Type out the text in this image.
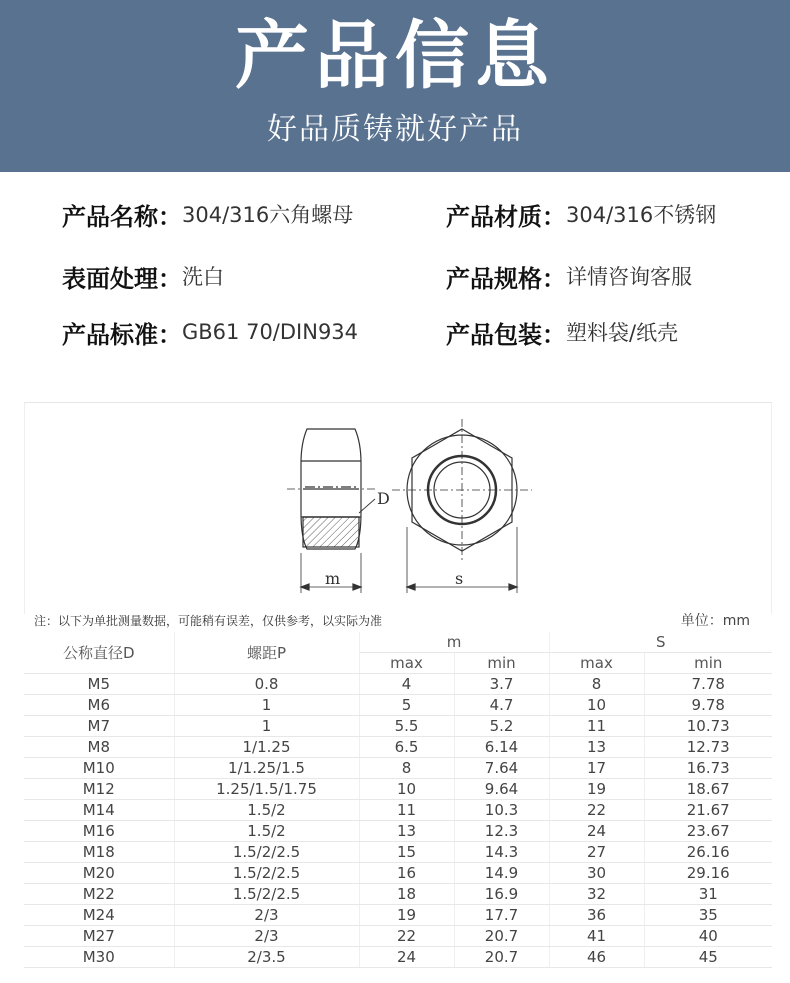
产品信息
好品质铸就好产品
产品名称： 304/316六角螺母	产品材质： 304/316不锈钢
表面处理： 洗白	产品规格： 详情咨询客服
产品标准： GB61 70/DIN934	产品包装： 塑料袋/纸壳
D
m	s
注：以下为单批测量数据，可能稍有误差，仅供参考，以实际为准	单位：mm
公称直径D	螺距P	m		S	
		max	min	max	min
M5	0.8	4	3.7	8	7.78
M6	1	5	4.7	10	9.78
M7	1	5.5	5.2	11	10.73
M8	1/1.25	6.5	6.14	13	12.73
M10	1/1.25/1.5	8	7.64	17	16.73
M12	1.25/1.5/1.75	10	9.64	19	18.67
M14	1.5/2	11	10.3	22	21.67
M16	1.5/2	13	12.3	24	23.67
M18	1.5/2/2.5	15	14.3	27	26.16
M20	1.5/2/2.5	16	14.9	30	29.16
M22	1.5/2/2.5	18	16.9	32	31
M24	2/3	19	17.7	36	35
M27	2/3	22	20.7	41	40
M30	2/3.5	24	20.7	46	45
